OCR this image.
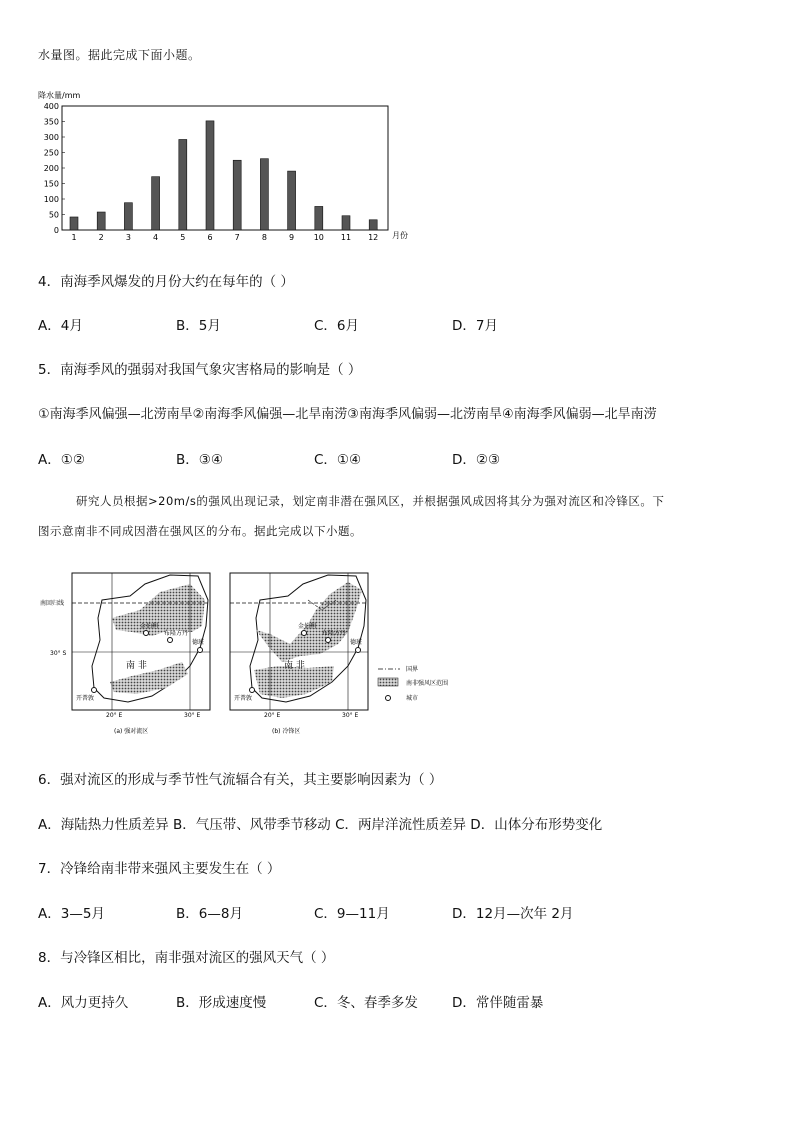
水量图。据此完成下面小题。
降水量/mm
0
50
100
150
200
250
300
350
400
1	2	3	4	5	6	7	8	9 10 11 12 月份
4．南海季风爆发的月份大约在每年的（ ）
A．4月	B．5月	C．6月	D．7月
5．南海季风的强弱对我国气象灾害格局的影响是（ ）
①南海季风偏强—北涝南旱②南海季风偏强—北旱南涝③南海季风偏弱—北涝南旱④南海季风偏弱—北旱南涝
A．①②	B．③④	C．①④	D．②③
研究人员根据>20m/s的强风出现记录，划定南非潜在强风区，并根据强风成因将其分为强对流区和冷锋区。下
图示意南非不同成因潜在强风区的分布。据此完成以下小题。
金伯利
布隆方丹
德班
开普敦
南 非
20° E	30° E
(a) 强对流区
南回归线
30° S
金伯利
布隆方丹
德班
开普敦
南 非
20° E	30° E
(b) 冷锋区
国界
南非强风区范围
城市
6．强对流区的形成与季节性气流辐合有关，其主要影响因素为（ ）
A．海陆热力性质差异 B．气压带、风带季节移动 C．两岸洋流性质差异 D．山体分布形势变化
7．冷锋给南非带来强风主要发生在（ ）
A．3—5月	B．6—8月	C．9—11月	D．12月—次年 2月
8．与冷锋区相比，南非强对流区的强风天气（ ）
A．风力更持久	B．形成速度慢	C．冬、春季多发	D．常伴随雷暴
